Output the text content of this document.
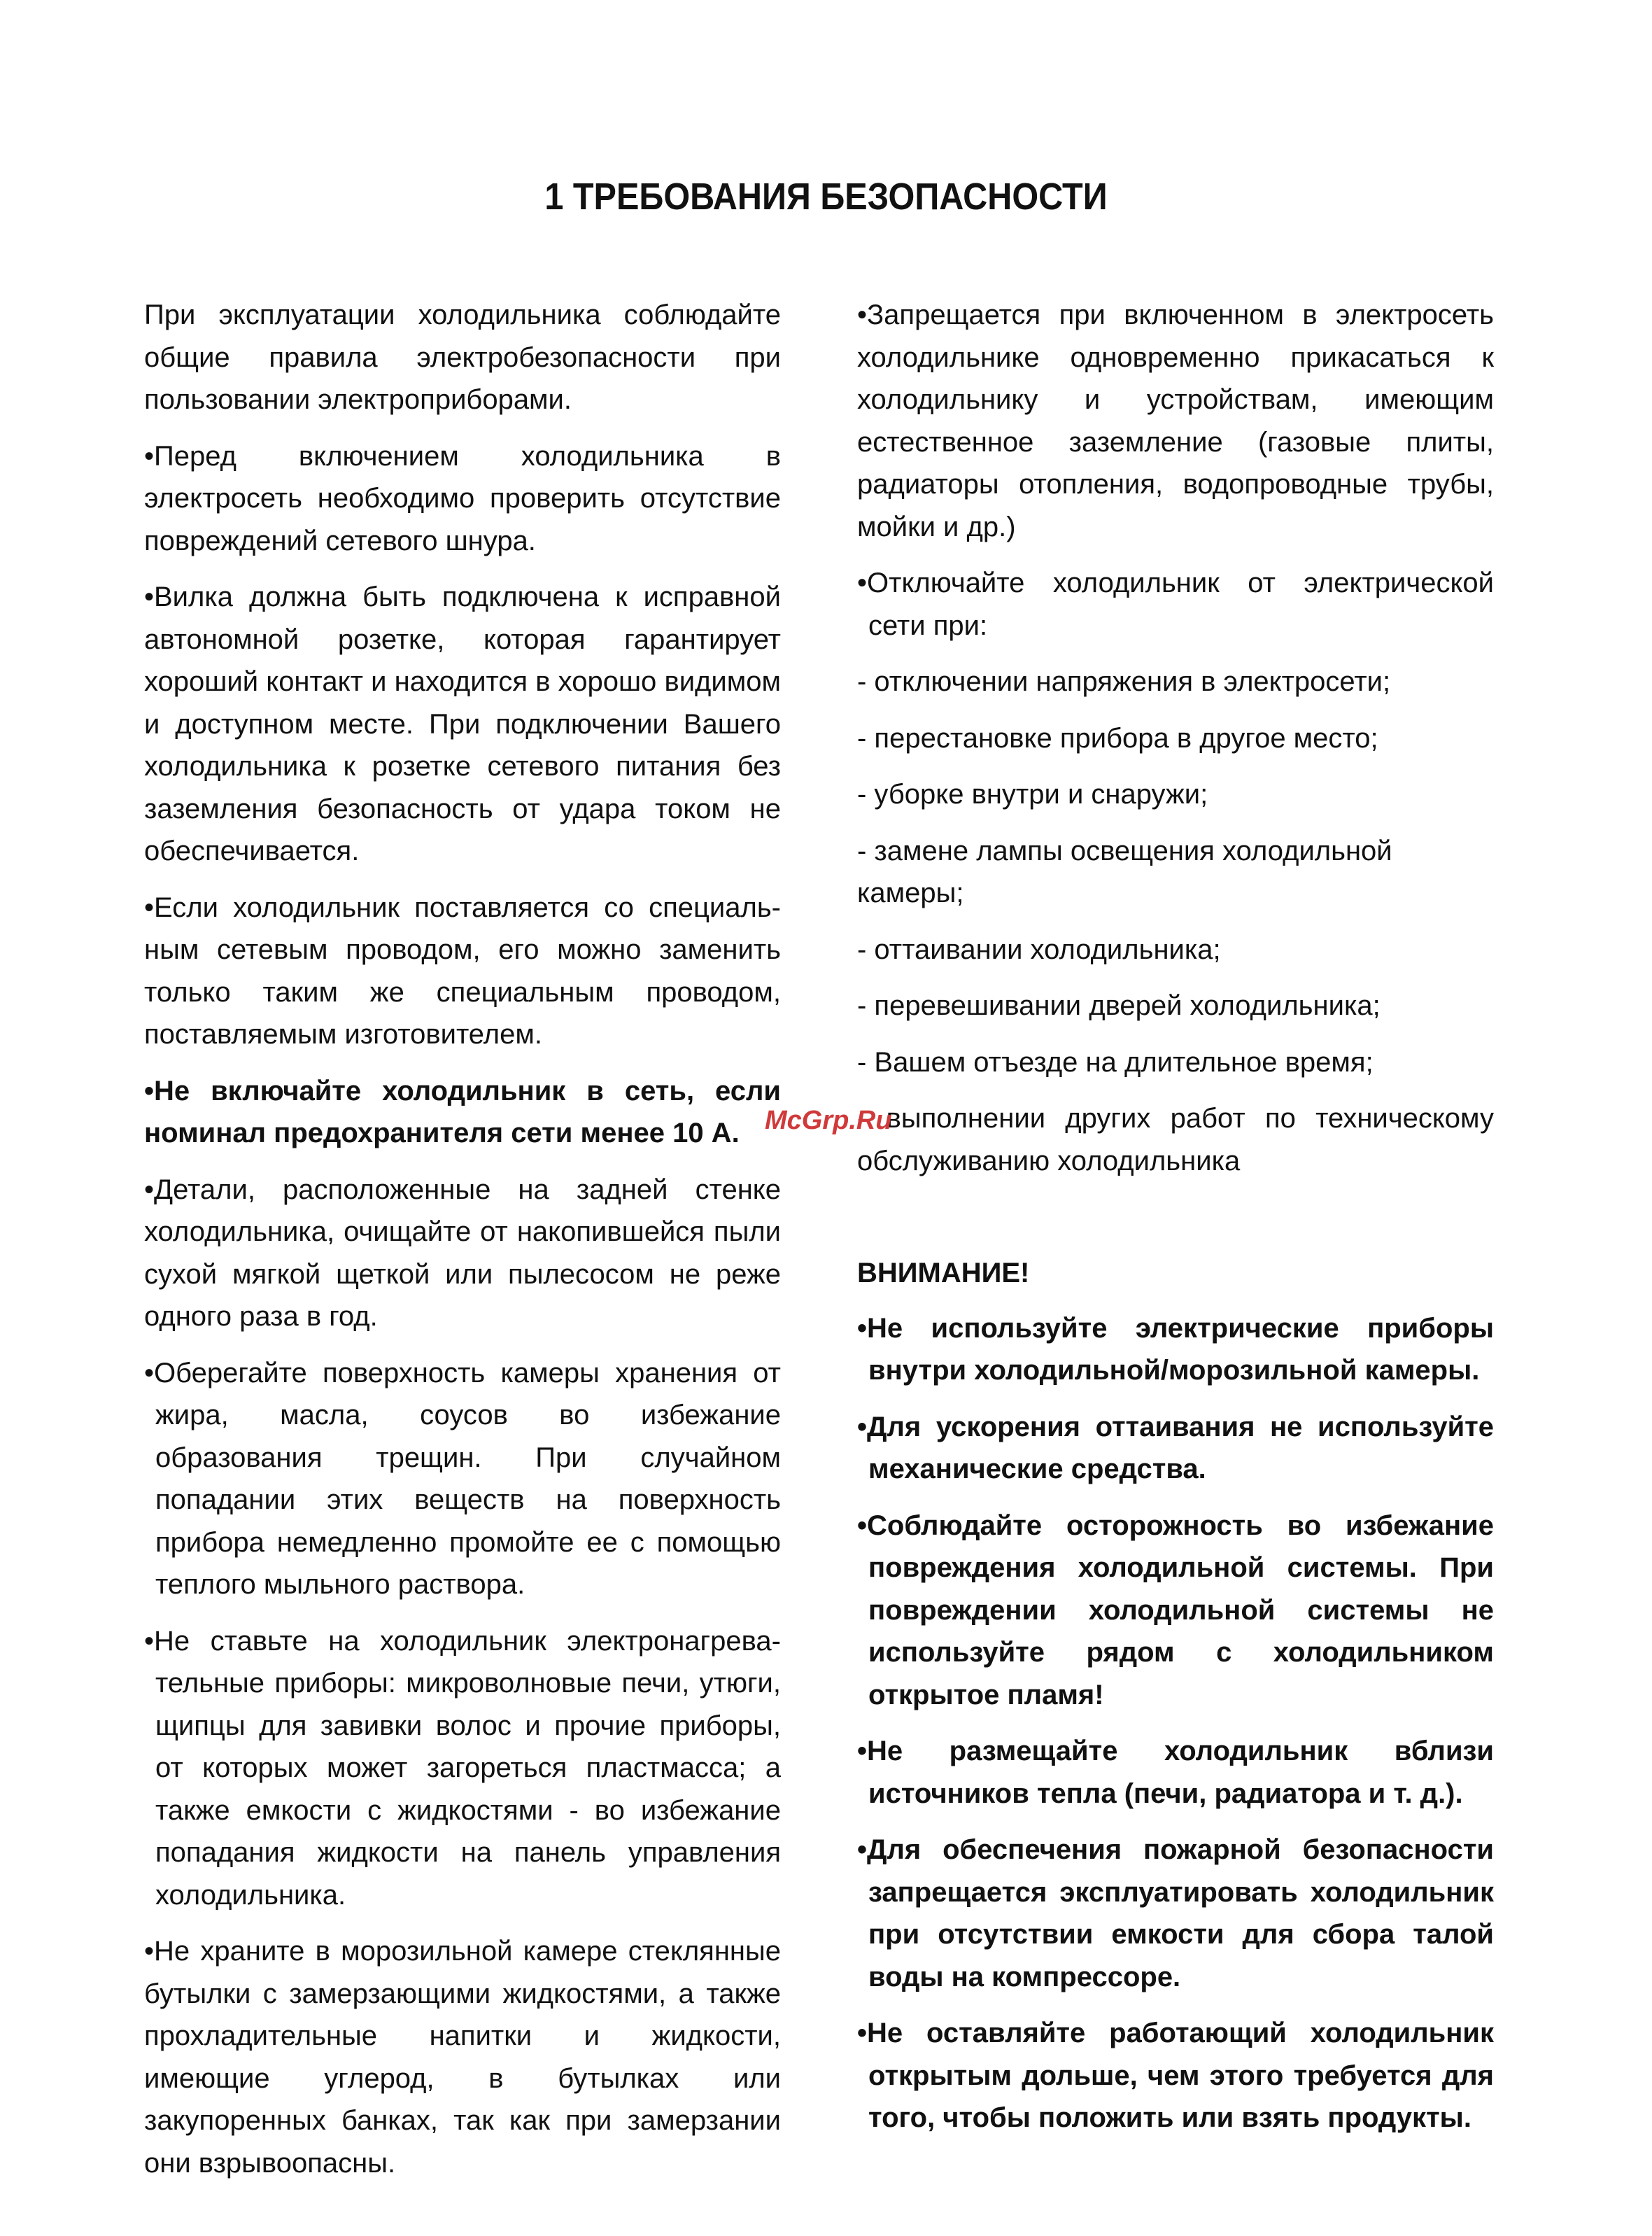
1 ТРЕБОВАНИЯ БЕЗОПАСНОСТИ

При эксплуатации холодильника соблюдайте общие правила электробезопасности при пользовании электроприборами.

•Перед включением холодильника в электросеть необходимо проверить отсутствие повреждений сетевого шнура.

•Вилка должна быть подключена к исправной автономной розетке, которая гарантирует хороший контакт и находится в хорошо видимом и доступном месте. При подключении Вашего холодильника к розетке сетевого питания без заземления безопасность от удара током не обеспечивается.

•Если холодильник поставляется со специаль-ным сетевым проводом, его можно заменить только таким же специальным проводом, поставляемым изготовителем.

•Не включайте холодильник в сеть, если номинал предохранителя сети менее 10 А.

•Детали, расположенные на задней стенке холодильника, очищайте от накопившейся пыли сухой мягкой щеткой или пылесосом не реже одного раза в год.

•Оберегайте поверхность камеры хранения от жира, масла, соусов во избежание образования трещин. При случайном попадании этих веществ на поверхность прибора немедленно промойте ее с помощью теплого мыльного раствора.

•Не ставьте на холодильник электронагрева-тельные приборы: микроволновые печи, утюги, щипцы для завивки волос и прочие приборы, от которых может загореться пластмасса; а также емкости с жидкостями - во избежание попадания жидкости на панель управления холодильника.

•Не храните в морозильной камере стеклянные бутылки с замерзающими жидкостями, а также прохладительные напитки и жидкости, имеющие углерод, в бутылках или закупоренных банках, так как при замерзании они взрывоопасны.

•Запрещается при включенном в электросеть холодильнике одновременно прикасаться к холодильнику и устройствам, имеющим естественное заземление (газовые плиты, радиаторы отопления, водопроводные трубы, мойки и др.)

•Отключайте холодильник от электрической сети при:

- отключении напряжения в электросети;

- перестановке прибора в другое место;

- уборке внутри и снаружи;

- замене лампы освещения холодильной камеры;

- оттаивании холодильника;

- перевешивании дверей холодильника;

- Вашем отъезде на длительное время;

- выполнении других работ по техническому обслуживанию холодильника

ВНИМАНИЕ!

•Не используйте электрические приборы внутри холодильной/морозильной камеры.

•Для ускорения оттаивания не используйте механические средства.

•Соблюдайте осторожность во избежание повреждения холодильной системы. При повреждении холодильной системы не используйте рядом с холодильником открытое пламя!

•Не размещайте холодильник вблизи источников тепла (печи, радиатора и т. д.).

•Для обеспечения пожарной безопасности запрещается эксплуатировать холодильник при отсутствии емкости для сбора талой воды на компрессоре.

•Не оставляйте работающий холодильник открытым дольше, чем этого требуется для того, чтобы положить или взять продукты.

McGrp.Ru
